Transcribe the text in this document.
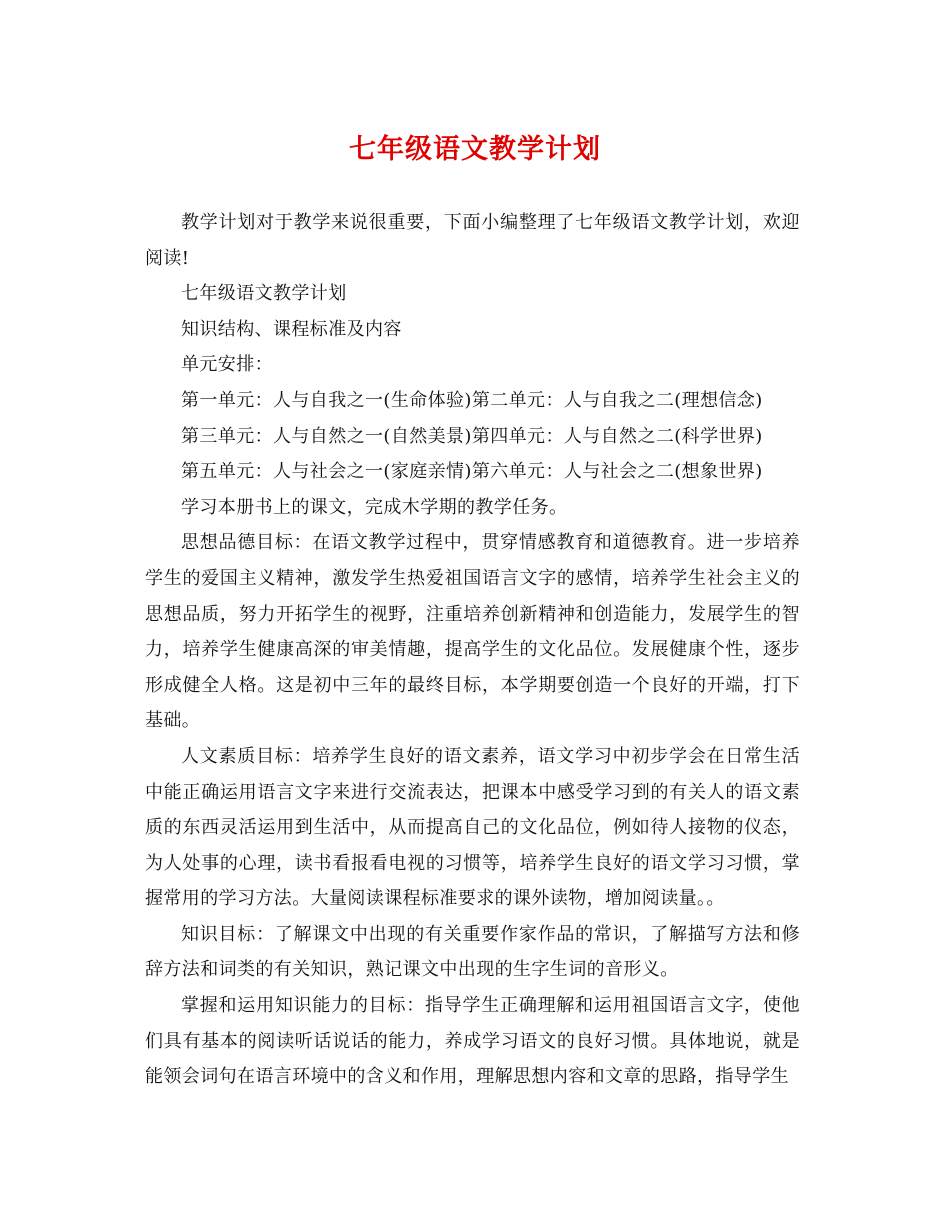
七年级语文教学计划

教学计划对于教学来说很重要，下面小编整理了七年级语文教学计划，欢迎阅读!

七年级语文教学计划

知识结构、课程标准及内容

单元安排：

第一单元：人与自我之一(生命体验)第二单元：人与自我之二(理想信念)

第三单元：人与自然之一(自然美景)第四单元：人与自然之二(科学世界)

第五单元：人与社会之一(家庭亲情)第六单元：人与社会之二(想象世界)

学习本册书上的课文，完成木学期的教学任务。

思想品德目标：在语文教学过程中，贯穿情感教育和道德教育。进一步培养学生的爱国主义精神，激发学生热爱祖国语言文字的感情，培养学生社会主义的思想品质，努力开拓学生的视野，注重培养创新精神和创造能力，发展学生的智力，培养学生健康高深的审美情趣，提高学生的文化品位。发展健康个性，逐步形成健全人格。这是初中三年的最终目标，本学期要创造一个良好的开端，打下基础。

人文素质目标：培养学生良好的语文素养，语文学习中初步学会在日常生活中能正确运用语言文字来进行交流表达，把课本中感受学习到的有关人的语文素质的东西灵活运用到生活中，从而提高自己的文化品位，例如待人接物的仪态，为人处事的心理，读书看报看电视的习惯等，培养学生良好的语文学习习惯，掌握常用的学习方法。大量阅读课程标准要求的课外读物，增加阅读量。。

知识目标：了解课文中出现的有关重要作家作品的常识，了解描写方法和修辞方法和词类的有关知识，熟记课文中出现的生字生词的音形义。

掌握和运用知识能力的目标：指导学生正确理解和运用祖国语言文字，使他们具有基本的阅读听话说话的能力，养成学习语文的良好习惯。具体地说，就是能领会词句在语言环境中的含义和作用，理解思想内容和文章的思路，指导学生
